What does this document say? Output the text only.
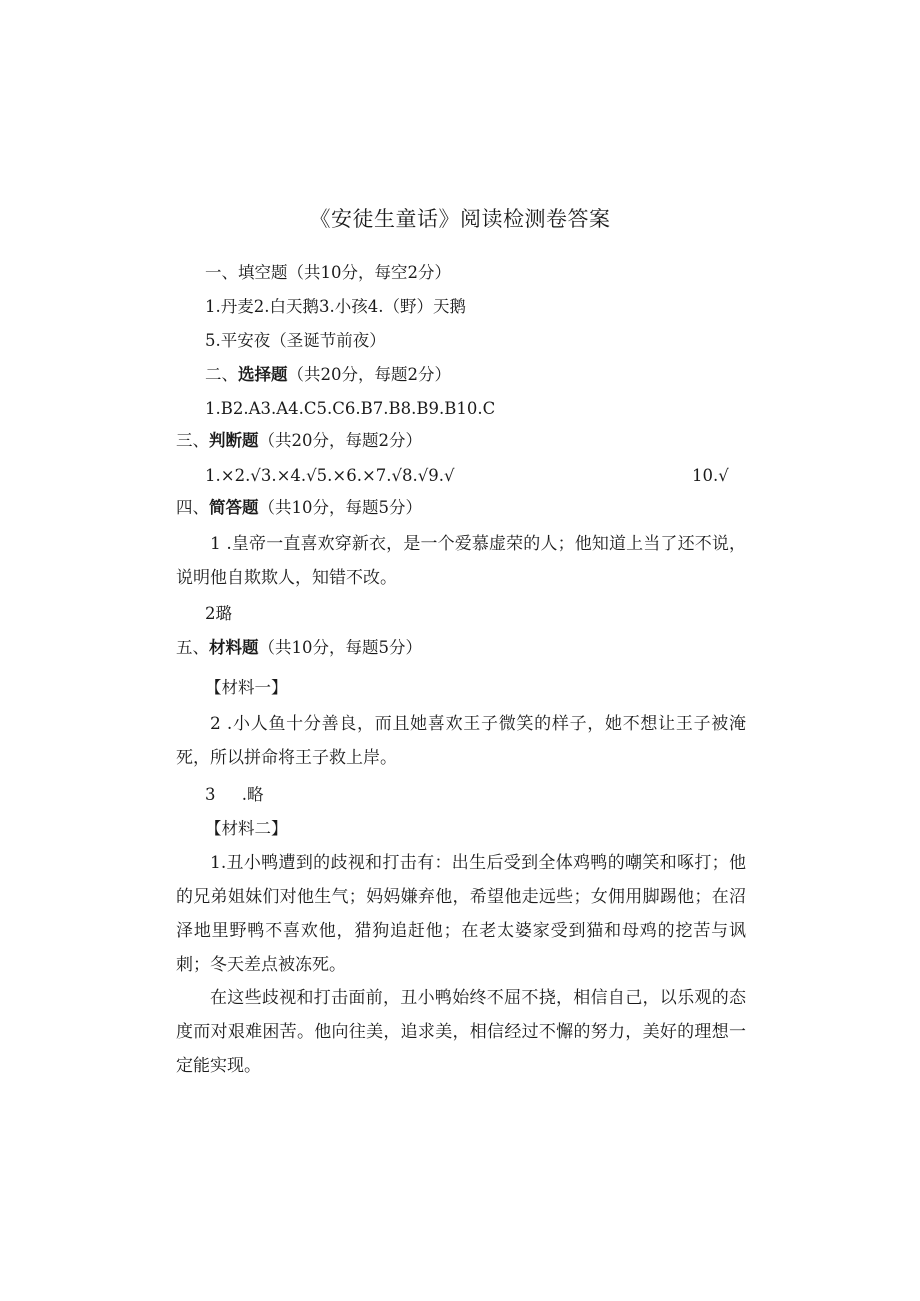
《安徒生童话》阅读检测卷答案
一、填空题（共10分，每空2分）
1.丹麦2.白天鹅3.小孩4.（野）天鹅
5.平安夜（圣诞节前夜）
二、选择题（共20分，每题2分）
1.B2.A3.A4.C5.C6.B7.B8.B9.B10.C
三、判断题（共20分，每题2分）
1.×2.√3.×4.√5.×6.×7.√8.√9.√	10.√
四、简答题（共10分，每题5分）
1 .皇帝一直喜欢穿新衣，是一个爱慕虚荣的人；他知道上当了还不说，说明他自欺欺人，知错不改。
2璐
五、材料题（共10分，每题5分）
【材料一】
2 .小人鱼十分善良，而且她喜欢王子微笑的样子，她不想让王子被淹死，所以拼命将王子救上岸。
3     .略
【材料二】
1.丑小鸭遭到的歧视和打击有：出生后受到全体鸡鸭的嘲笑和啄打；他的兄弟姐妹们对他生气；妈妈嫌弃他，希望他走远些；女佣用脚踢他；在沼泽地里野鸭不喜欢他，猎狗追赶他；在老太婆家受到猫和母鸡的挖苦与讽刺；冬天差点被冻死。
在这些歧视和打击面前，丑小鸭始终不屈不挠，相信自己，以乐观的态度而对艰难困苦。他向往美，追求美，相信经过不懈的努力，美好的理想一定能实现。
